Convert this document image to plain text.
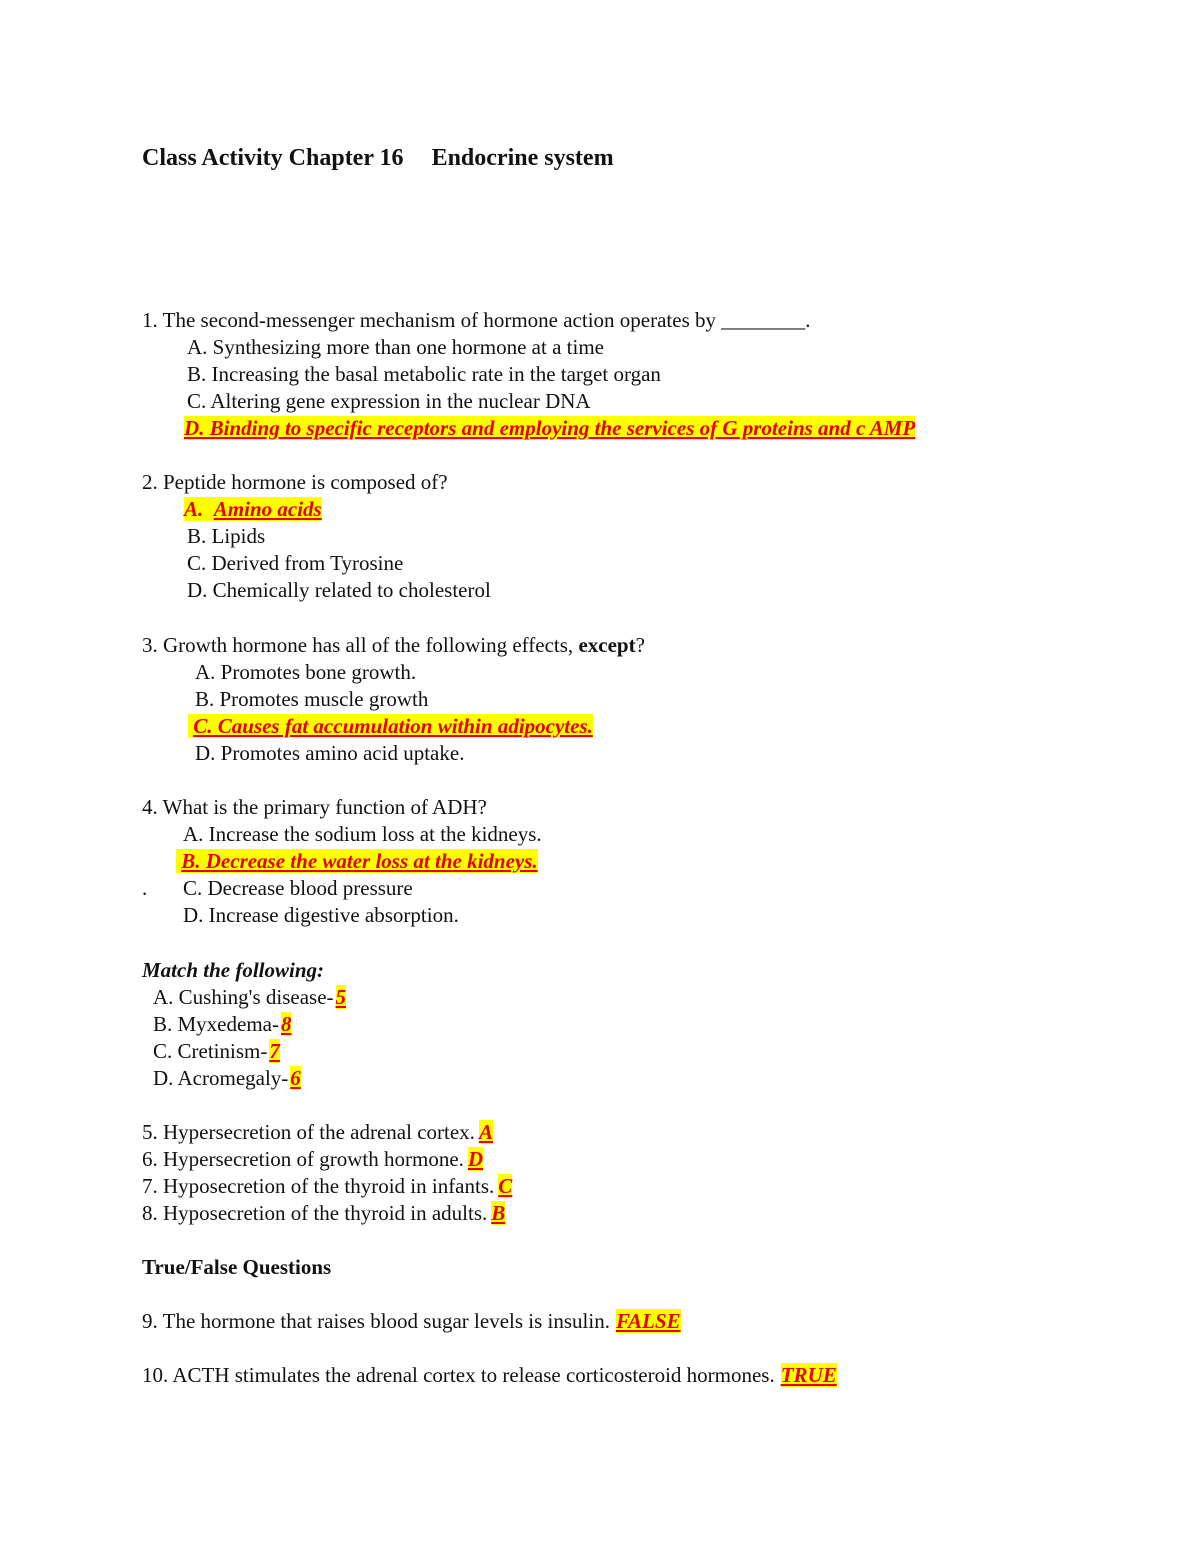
Class Activity Chapter 16 Endocrine system
1. The second-messenger mechanism of hormone action operates by ________.
A. Synthesizing more than one hormone at a time
B. Increasing the basal metabolic rate in the target organ
C. Altering gene expression in the nuclear DNA
D. Binding to specific receptors and employing the services of G proteins and c AMP
2. Peptide hormone is composed of?
A. Amino acids
B. Lipids
C. Derived from Tyrosine
D. Chemically related to cholesterol
3. Growth hormone has all of the following effects, except?
A. Promotes bone growth.
B. Promotes muscle growth
C. Causes fat accumulation within adipocytes.
D. Promotes amino acid uptake.
4. What is the primary function of ADH?
A. Increase the sodium loss at the kidneys.
B. Decrease the water loss at the kidneys.
. C. Decrease blood pressure
D. Increase digestive absorption.
Match the following:
A. Cushing's disease-5
B. Myxedema-8
C. Cretinism-7
D. Acromegaly-6
5. Hypersecretion of the adrenal cortex. A
6. Hypersecretion of growth hormone. D
7. Hyposecretion of the thyroid in infants. C
8. Hyposecretion of the thyroid in adults. B
True/False Questions
9. The hormone that raises blood sugar levels is insulin. FALSE
10. ACTH stimulates the adrenal cortex to release corticosteroid hormones. TRUE
